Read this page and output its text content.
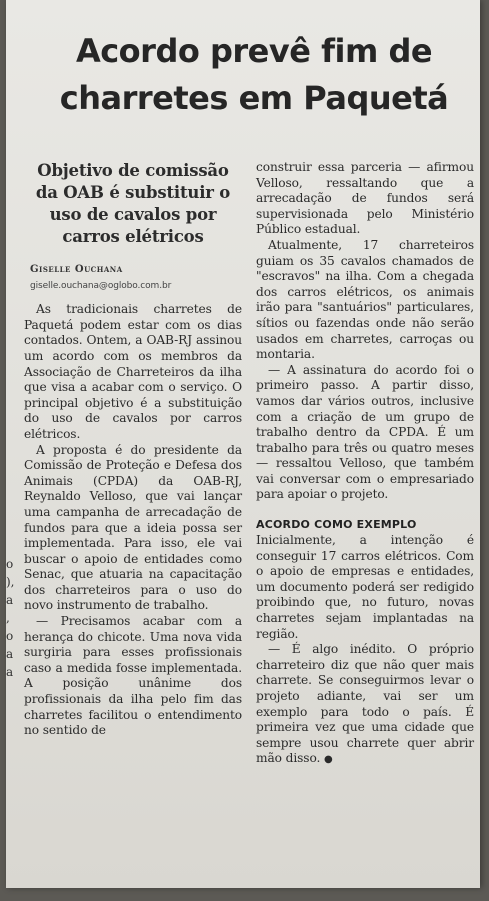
o
),
a
,
o
a
a
Acordo prevê fim de charretes em Paquetá
Objetivo de comissão da OAB é substituir o uso de cavalos por carros elétricos
Giselle Ouchana
giselle.ouchana@oglobo.com.br

As tradicionais charretes de Paquetá podem estar com os dias contados. Ontem, a OAB-RJ assinou um acordo com os membros da Associação de Charreteiros da ilha que visa a acabar com o serviço. O principal objetivo é a substituição do uso de cavalos por carros elétricos.

A proposta é do presidente da Comissão de Proteção e Defesa dos Animais (CPDA) da OAB-RJ, Reynaldo Velloso, que vai lançar uma campanha de arrecadação de fundos para que a ideia possa ser implementada. Para isso, ele vai buscar o apoio de entidades como Senac, que atuaria na capacitação dos charreteiros para o uso do novo instrumento de trabalho.

— Precisamos acabar com a herança do chicote. Uma nova vida surgiria para esses profissionais caso a medida fosse implementada. A posição unânime dos profissionais da ilha pelo fim das charretes facilitou o entendimento no sentido de

construir essa parceria — afirmou Velloso, ressaltando que a arrecadação de fundos será supervisionada pelo Ministério Público estadual.

Atualmente, 17 charreteiros guiam os 35 cavalos chamados de "escravos" na ilha. Com a chegada dos carros elétricos, os animais irão para "santuários" particulares, sítios ou fazendas onde não serão usados em charretes, carroças ou montaria.

— A assinatura do acordo foi o primeiro passo. A partir disso, vamos dar vários outros, inclusive com a criação de um grupo de trabalho dentro da CPDA. É um trabalho para três ou quatro meses — ressaltou Velloso, que também vai conversar com o empresariado para apoiar o projeto.

ACORDO COMO EXEMPLO

Inicialmente, a intenção é conseguir 17 carros elétricos. Com o apoio de empresas e entidades, um documento poderá ser redigido proibindo que, no futuro, novas charretes sejam implantadas na região.

— É algo inédito. O próprio charreteiro diz que não quer mais charrete. Se conseguirmos levar o projeto adiante, vai ser um exemplo para todo o país. É primeira vez que uma cidade que sempre usou charrete quer abrir mão disso. ●
